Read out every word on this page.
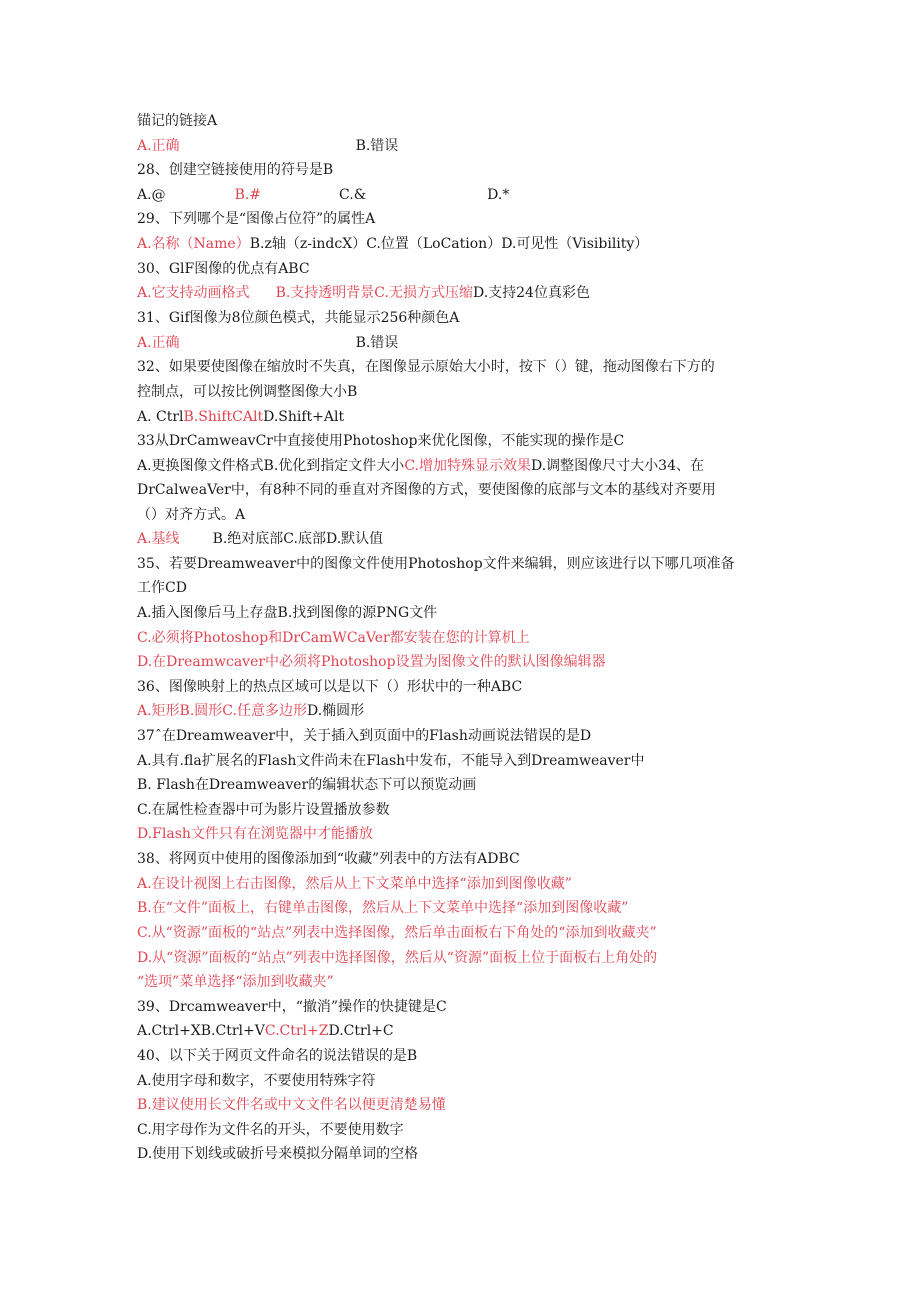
锚记的链接A
A.正确	B.错误
28、创建空链接使用的符号是B
A.@	B.#	C.&	D.*
29、下列哪个是“图像占位符”的属性A
A.名称（Name）B.z轴（z-indcX）C.位置（LoCation）D.可见性（Visibility）
30、GlF图像的优点有ABC
A.它支持动画格式 B.支持透明背景C.无损方式压缩D.支持24位真彩色
31、Gif图像为8位颜色模式，共能显示256种颜色A
A.正确	B.错误
32、如果要使图像在缩放时不失真，在图像显示原始大小时，按下（）键，拖动图像右下方的
控制点，可以按比例调整图像大小B
A. CtrlB.ShiftCAltD.Shift+Alt
33从DrCamweavCr中直接使用Photoshop来优化图像，不能实现的操作是C
A.更换图像文件格式B.优化到指定文件大小C.增加特殊显示效果D.调整图像尺寸大小34、在
DrCalweaVer中，有8种不同的垂直对齐图像的方式，要使图像的底部与文本的基线对齐要用
（）对齐方式。A
A.基线 B.绝对底部C.底部D.默认值
35、若要Dreamweaver中的图像文件使用Photoshop文件来编辑，则应该进行以下哪几项准备
工作CD
A.插入图像后马上存盘B.找到图像的源PNG文件
C.必须将Photoshop和DrCamWCaVer都安装在您的计算机上
D.在Dreamwcaver中必须将Photoshop设置为图像文件的默认图像编辑器
36、图像映射上的热点区域可以是以下（）形状中的一种ABC
A.矩形B.圆形C.任意多边形D.椭圆形
37ˆ在Dreamweaver中，关于插入到页面中的Flash动画说法错误的是D
A.具有.fla扩展名的Flash文件尚未在Flash中发布，不能导入到Dreamweaver中
B. Flash在Dreamweaver的编辑状态下可以预览动画
C.在属性检查器中可为影片设置播放参数
D.Flash文件只有在浏览器中才能播放
38、将网页中使用的图像添加到“收藏”列表中的方法有ADBC
A.在设计视图上右击图像，然后从上下文菜单中选择“添加到图像收藏”
B.在“文件”面板上，右键单击图像，然后从上下文菜单中选择“添加到图像收藏”
C.从“资源”面板的“站点”列表中选择图像，然后单击面板右下角处的“添加到收藏夹”
D.从“资源”面板的“站点”列表中选择图像，然后从“资源”面板上位于面板右上角处的
“选项”菜单选择“添加到收藏夹”
39、Drcamweaver中，“撤消”操作的快捷键是C
A.Ctrl+XB.Ctrl+VC.Ctrl+ZD.Ctrl+C
40、以下关于网页文件命名的说法错误的是B
A.使用字母和数字，不要使用特殊字符
B.建议使用长文件名或中文文件名以便更清楚易懂
C.用字母作为文件名的开头，不要使用数字
D.使用下划线或破折号来模拟分隔单词的空格
